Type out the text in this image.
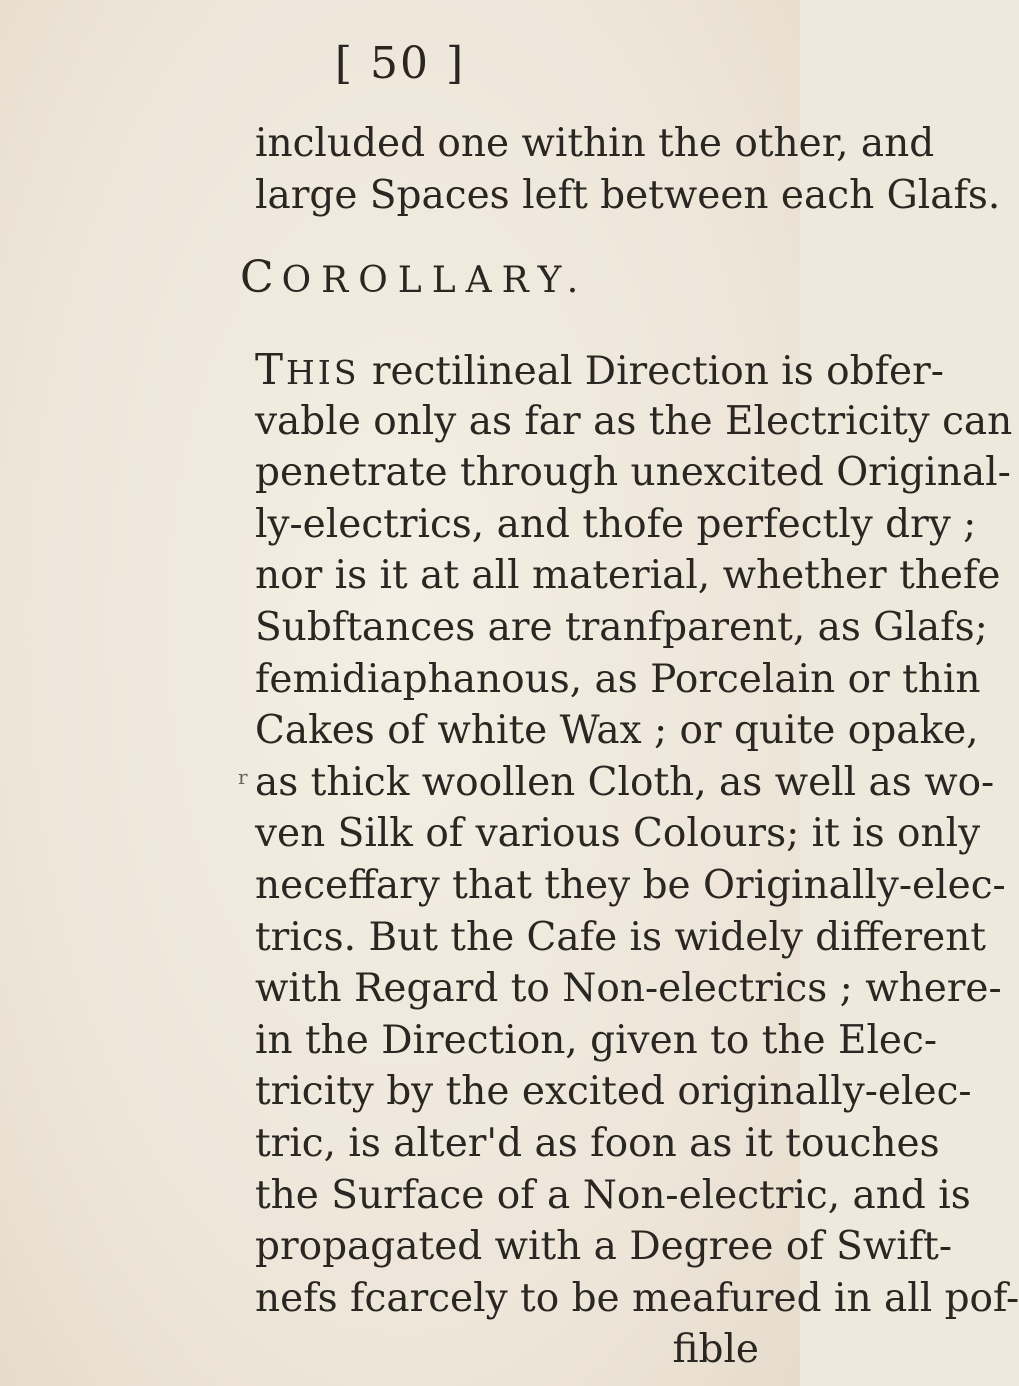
[ 50 ]
included one within the other, and
large Spaces left between each Glafs.
COROLLARY.
THIS rectilineal Direction is obfer-
vable only as far as the Electricity can
penetrate through unexcited Original-
ly-electrics, and thofe perfectly dry ;
nor is it at all material, whether thefe
Subftances are tranfparent, as Glafs;
femidiaphanous, as Porcelain or thin
Cakes of white Wax ; or quite opake,
as thick woollen Cloth, as well as wo-
ven Silk of various Colours; it is only
neceffary that they be Originally-elec-
trics. But the Cafe is widely different
with Regard to Non-electrics ; where-
in the Direction, given to the Elec-
tricity by the excited originally-elec-
tric, is alter'd as foon as it touches
the Surface of a Non-electric, and is
propagated with a Degree of Swift-
nefs fcarcely to be meafured in all pof-
fible
r
